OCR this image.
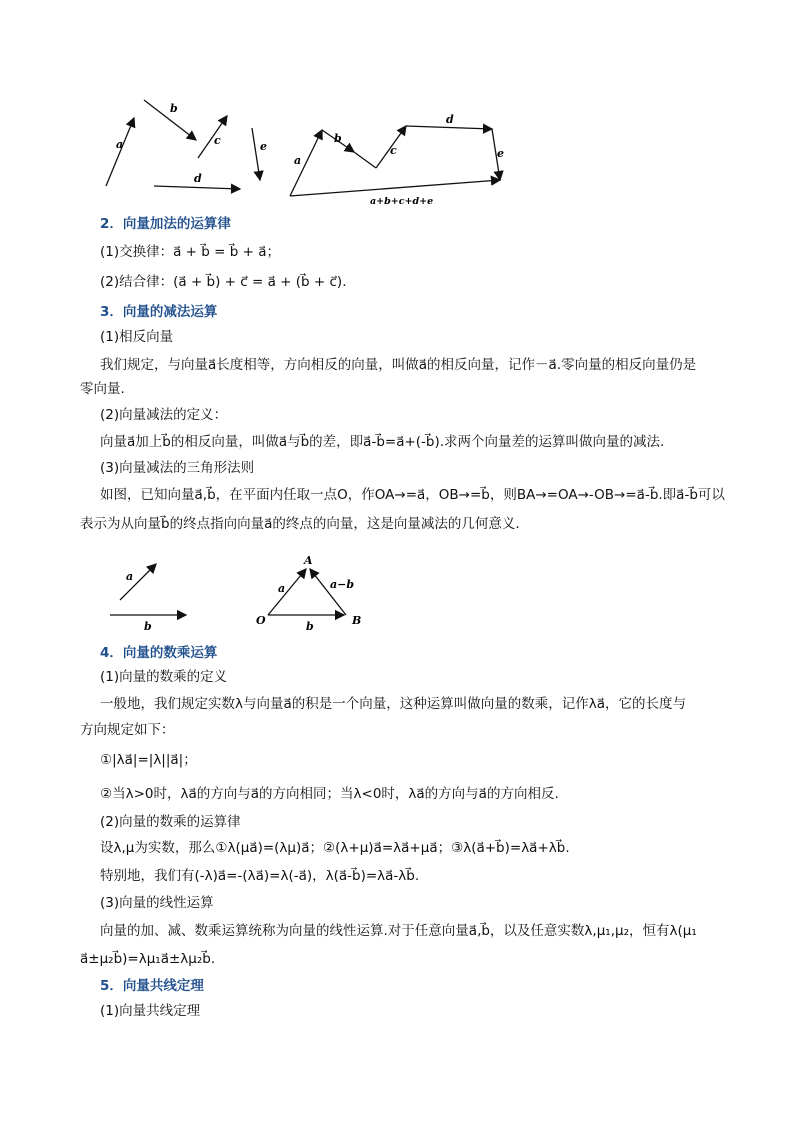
a
b
c
d
e
a
b
c
d
e
a+b+c+d+e
2．向量加法的运算律
(1)交换律：a⃗ + b⃗ = b⃗ + a⃗；
(2)结合律：(a⃗ + b⃗) + c⃗ = a⃗ + (b⃗ + c⃗).
3．向量的减法运算
(1)相反向量
我们规定，与向量a⃗长度相等，方向相反的向量，叫做a⃗的相反向量，记作－a⃗.零向量的相反向量仍是
零向量.
(2)向量减法的定义：
向量a⃗加上b⃗的相反向量，叫做a⃗与b⃗的差，即a⃗-b⃗=a⃗+(-b⃗).求两个向量差的运算叫做向量的减法.
(3)向量减法的三角形法则
如图，已知向量a⃗,b⃗，在平面内任取一点O，作OA→=a⃗，OB→=b⃗，则BA→=OA→-OB→=a⃗-b⃗.即a⃗-b⃗可以
表示为从向量b⃗的终点指向向量a⃗的终点的向量，这是向量减法的几何意义.
a
b
A
a	a−b
O	b	B
4．向量的数乘运算
(1)向量的数乘的定义
一般地，我们规定实数λ与向量a⃗的积是一个向量，这种运算叫做向量的数乘，记作λa⃗，它的长度与
方向规定如下：
①|λa⃗|=|λ||a⃗|；
②当λ>0时，λa⃗的方向与a⃗的方向相同；当λ<0时，λa⃗的方向与a⃗的方向相反.
(2)向量的数乘的运算律
设λ,μ为实数，那么①λ(μa⃗)=(λμ)a⃗；②(λ+μ)a⃗=λa⃗+μa⃗；③λ(a⃗+b⃗)=λa⃗+λb⃗.
特别地，我们有(-λ)a⃗=-(λa⃗)=λ(-a⃗)，λ(a⃗-b⃗)=λa⃗-λb⃗.
(3)向量的线性运算
向量的加、减、数乘运算统称为向量的线性运算.对于任意向量a⃗,b⃗，以及任意实数λ,μ₁,μ₂，恒有λ(μ₁
a⃗±μ₂b⃗)=λμ₁a⃗±λμ₂b⃗.
5．向量共线定理
(1)向量共线定理
